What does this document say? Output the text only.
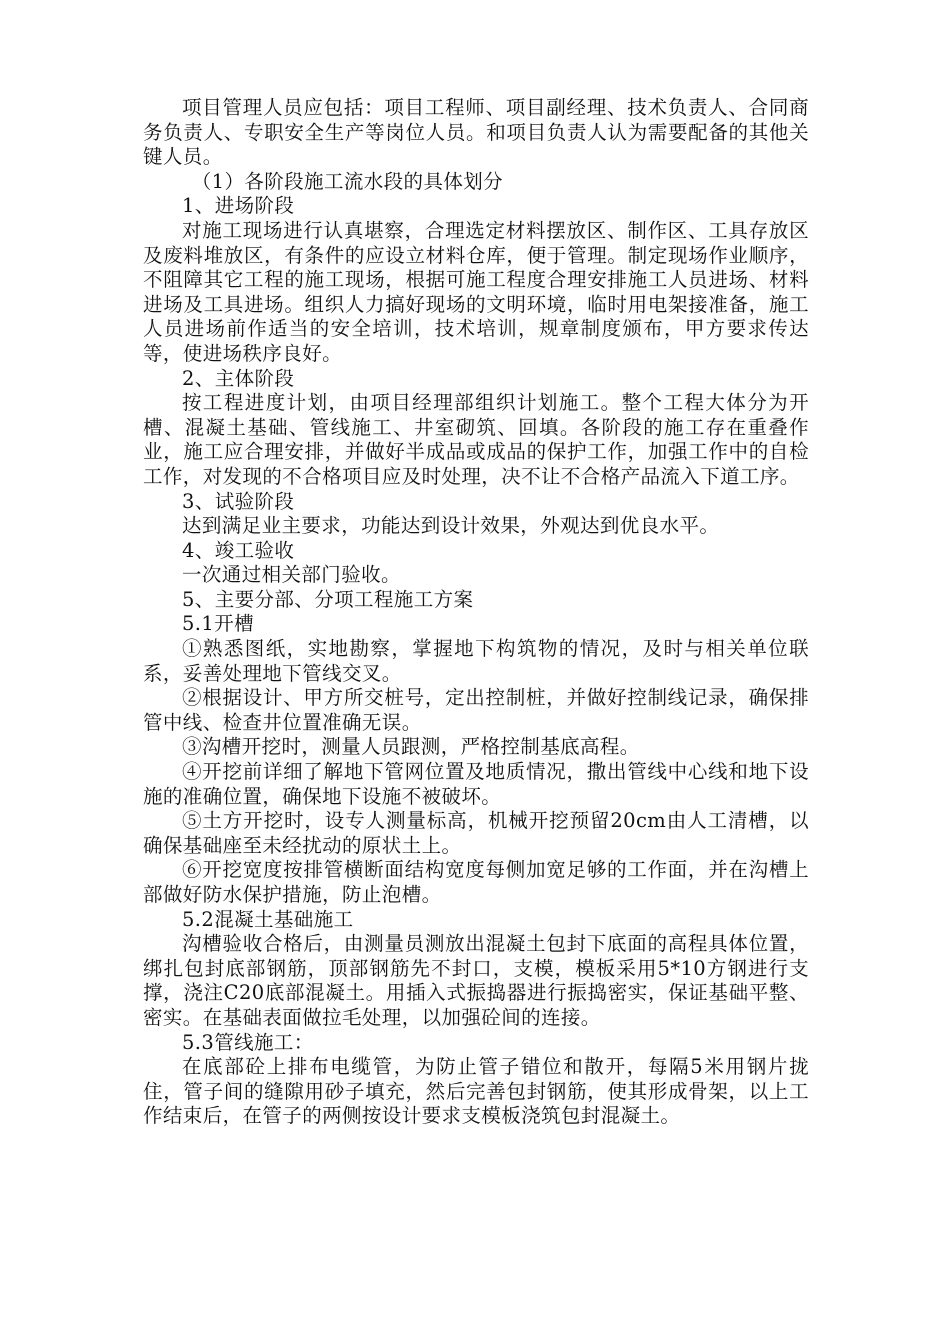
项目管理人员应包括：项目工程师、项目副经理、技术负责人、合同商务负责人、专职安全生产等岗位人员。和项目负责人认为需要配备的其他关键人员。

（1）各阶段施工流水段的具体划分

1、进场阶段

对施工现场进行认真堪察，合理选定材料摆放区、制作区、工具存放区及废料堆放区，有条件的应设立材料仓库，便于管理。制定现场作业顺序，不阻障其它工程的施工现场，根据可施工程度合理安排施工人员进场、材料进场及工具进场。组织人力搞好现场的文明环境，临时用电架接准备，施工人员进场前作适当的安全培训，技术培训，规章制度颁布，甲方要求传达等，使进场秩序良好。

2、主体阶段

按工程进度计划，由项目经理部组织计划施工。整个工程大体分为开槽、混凝土基础、管线施工、井室砌筑、回填。各阶段的施工存在重叠作业，施工应合理安排，并做好半成品或成品的保护工作，加强工作中的自检工作，对发现的不合格项目应及时处理，决不让不合格产品流入下道工序。

3、试验阶段

达到满足业主要求，功能达到设计效果，外观达到优良水平。

4、竣工验收

一次通过相关部门验收。

5、主要分部、分项工程施工方案

5.1开槽

①熟悉图纸，实地勘察，掌握地下构筑物的情况，及时与相关单位联系，妥善处理地下管线交叉。

②根据设计、甲方所交桩号，定出控制桩，并做好控制线记录，确保排管中线、检查井位置准确无误。

③沟槽开挖时，测量人员跟测，严格控制基底高程。

④开挖前详细了解地下管网位置及地质情况，撒出管线中心线和地下设施的准确位置，确保地下设施不被破坏。

⑤土方开挖时，设专人测量标高，机械开挖预留20cm由人工清槽，以确保基础座至未经扰动的原状土上。

⑥开挖宽度按排管横断面结构宽度每侧加宽足够的工作面，并在沟槽上部做好防水保护措施，防止泡槽。

5.2混凝土基础施工

沟槽验收合格后，由测量员测放出混凝土包封下底面的高程具体位置，绑扎包封底部钢筋，顶部钢筋先不封口，支模，模板采用5*10方钢进行支撑，浇注C20底部混凝土。用插入式振捣器进行振捣密实，保证基础平整、密实。在基础表面做拉毛处理，以加强砼间的连接。

5.3管线施工：

在底部砼上排布电缆管，为防止管子错位和散开，每隔5米用钢片拢住，管子间的缝隙用砂子填充，然后完善包封钢筋，使其形成骨架，以上工作结束后，在管子的两侧按设计要求支模板浇筑包封混凝土。
